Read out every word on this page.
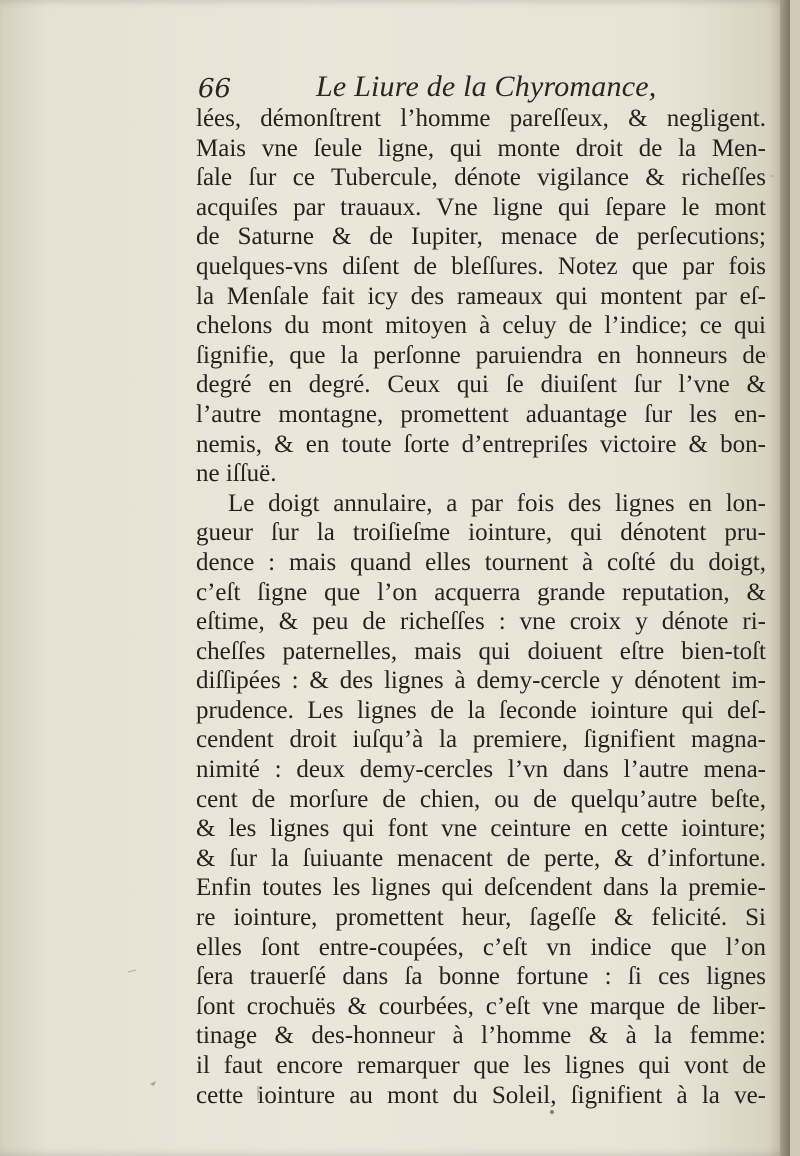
66	Le Liure de la Chyromance,
lées, démonſtrent l’homme pareſſeux, & negligent.
Mais vne ſeule ligne, qui monte droit de la Men-
ſale ſur ce Tubercule, dénote vigilance & richeſſes
acquiſes par trauaux. Vne ligne qui ſepare le mont
de Saturne & de Iupiter, menace de perſecutions;
quelques-vns diſent de bleſſures. Notez que par fois
la Menſale fait icy des rameaux qui montent par eſ-
chelons du mont mitoyen à celuy de l’indice; ce qui
ſignifie, que la perſonne paruiendra en honneurs de
degré en degré. Ceux qui ſe diuiſent ſur l’vne &
l’autre montagne, promettent aduantage ſur les en-
nemis, & en toute ſorte d’entrepriſes victoire & bon-
ne iſſuë.
Le doigt annulaire, a par fois des lignes en lon-
gueur ſur la troiſieſme iointure, qui dénotent pru-
dence : mais quand elles tournent à coſté du doigt,
c’eſt ſigne que l’on acquerra grande reputation, &
eſtime, & peu de richeſſes : vne croix y dénote ri-
cheſſes paternelles, mais qui doiuent eſtre bien-toſt
diſſipées : & des lignes à demy-cercle y dénotent im-
prudence. Les lignes de la ſeconde iointure qui deſ-
cendent droit iuſqu’à la premiere, ſignifient magna-
nimité : deux demy-cercles l’vn dans l’autre mena-
cent de morſure de chien, ou de quelqu’autre beſte,
& les lignes qui font vne ceinture en cette iointure;
& ſur la ſuiuante menacent de perte, & d’infortune.
Enfin toutes les lignes qui deſcendent dans la premie-
re iointure, promettent heur, ſageſſe & felicité. Si
elles ſont entre-coupées, c’eſt vn indice que l’on
ſera trauerſé dans ſa bonne fortune : ſi ces lignes
ſont crochuës & courbées, c’eſt vne marque de liber-
tinage & des-honneur à l’homme & à la femme:
il faut encore remarquer que les lignes qui vont de
cette iointure au mont du Soleil, ſignifient à la ve-
